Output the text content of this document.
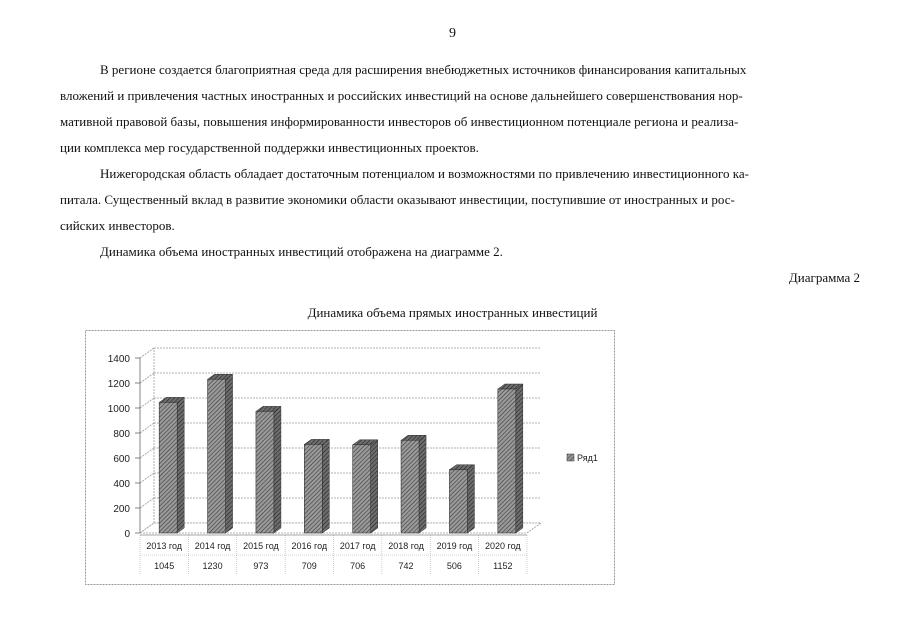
9
В регионе создается благоприятная среда для расширения внебюджетных источников финансирования капитальных
вложений и привлечения частных иностранных и российских инвестиций на основе дальнейшего совершенствования нор-
мативной правовой базы, повышения информированности инвесторов об инвестиционном потенциале региона и реализа-
ции комплекса мер государственной поддержки инвестиционных проектов.
Нижегородская область обладает достаточным потенциалом и возможностями по привлечению инвестиционного ка-
питала. Существенный вклад в развитие экономики области оказывают инвестиции, поступившие от иностранных и рос-
сийских инвесторов.
Динамика объема иностранных инвестиций отображена на диаграмме 2.
Диаграмма 2
Динамика объема прямых иностранных инвестиций
0
200
400
600
800
1000
1200
1400
2013 год
1045
2014 год
1230
2015 год
973
2016 год
709
2017 год
706
2018 год
742
2019 год
506
2020 год
1152
Ряд1
